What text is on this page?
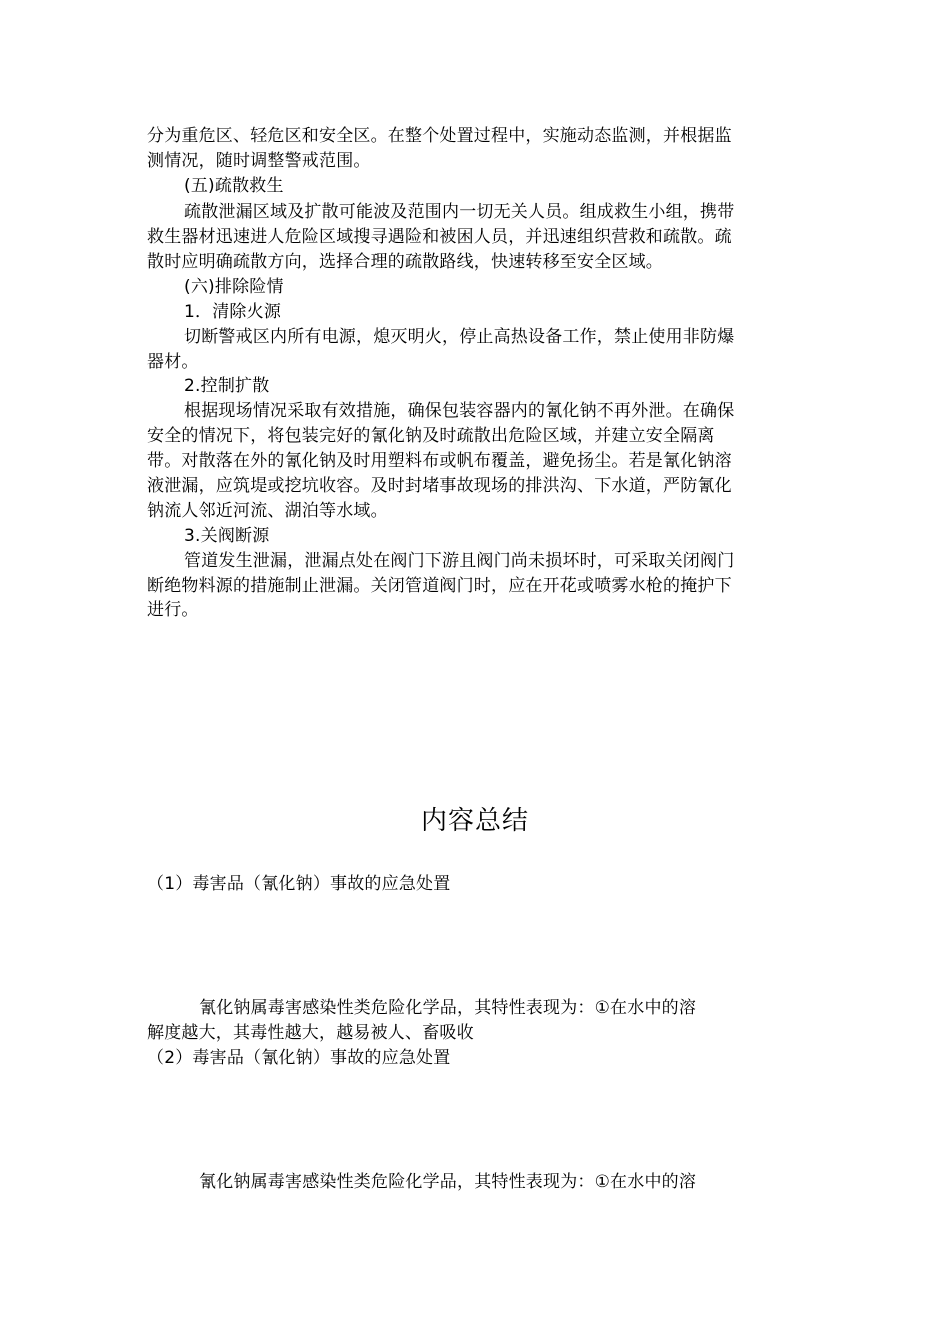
分为重危区、轻危区和安全区。在整个处置过程中，实施动态监测，并根据监
测情况，随时调整警戒范围。
(五)疏散救生
疏散泄漏区域及扩散可能波及范围内一切无关人员。组成救生小组，携带
救生器材迅速进人危险区域搜寻遇险和被困人员，并迅速组织营救和疏散。疏
散时应明确疏散方向，选择合理的疏散路线，快速转移至安全区域。
(六)排除险情
1．清除火源
切断警戒区内所有电源，熄灭明火，停止高热设备工作，禁止使用非防爆
器材。
2.控制扩散
根据现场情况采取有效措施，确保包装容器内的氰化钠不再外泄。在确保
安全的情况下，将包装完好的氰化钠及时疏散出危险区域，并建立安全隔离
带。对散落在外的氰化钠及时用塑料布或帆布覆盖，避免扬尘。若是氰化钠溶
液泄漏，应筑堤或挖坑收容。及时封堵事故现场的排洪沟、下水道，严防氰化
钠流人邻近河流、湖泊等水域。
3.关阀断源
管道发生泄漏，泄漏点处在阀门下游且阀门尚未损坏时，可采取关闭阀门
断绝物料源的措施制止泄漏。关闭管道阀门时，应在开花或喷雾水枪的掩护下
进行。
内容总结
（1）毒害品（氰化钠）事故的应急处置
氰化钠属毒害感染性类危险化学品，其特性表现为：①在水中的溶
解度越大，其毒性越大，越易被人、畜吸收
（2）毒害品（氰化钠）事故的应急处置
氰化钠属毒害感染性类危险化学品，其特性表现为：①在水中的溶
